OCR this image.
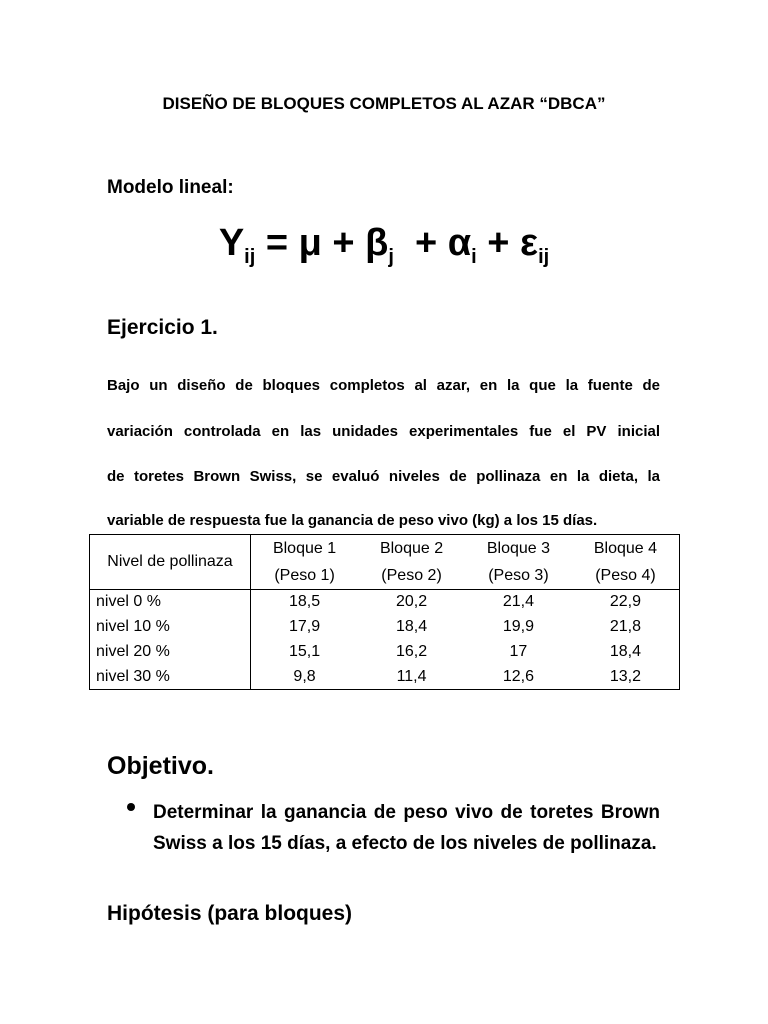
DISEÑO DE BLOQUES COMPLETOS AL AZAR “DBCA”
Modelo lineal:
$Y_{ij} = \mu + \beta_j + \alpha_i + \varepsilon_{ij}$
Ejercicio 1.
Bajo un diseño de bloques completos al azar, en la que la fuente de
variación controlada en las unidades experimentales fue el PV inicial
de toretes Brown Swiss, se evaluó niveles de pollinaza en la dieta, la
variable de respuesta fue la ganancia de peso vivo (kg) a los 15 días.
Nivel de pollinaza	Bloque 1	Bloque 2	Bloque 3	Bloque 4
	(Peso 1)	(Peso 2)	(Peso 3)	(Peso 4)
nivel 0 %	18,5	20,2	21,4	22,9
nivel 10 %	17,9	18,4	19,9	21,8
nivel 20 %	15,1	16,2	17	18,4
nivel 30 %	9,8	11,4	12,6	13,2
Objetivo.
Determinar la ganancia de peso vivo de toretes Brown Swiss a los 15 días, a efecto de los niveles de pollinaza.
Hipótesis (para bloques)
